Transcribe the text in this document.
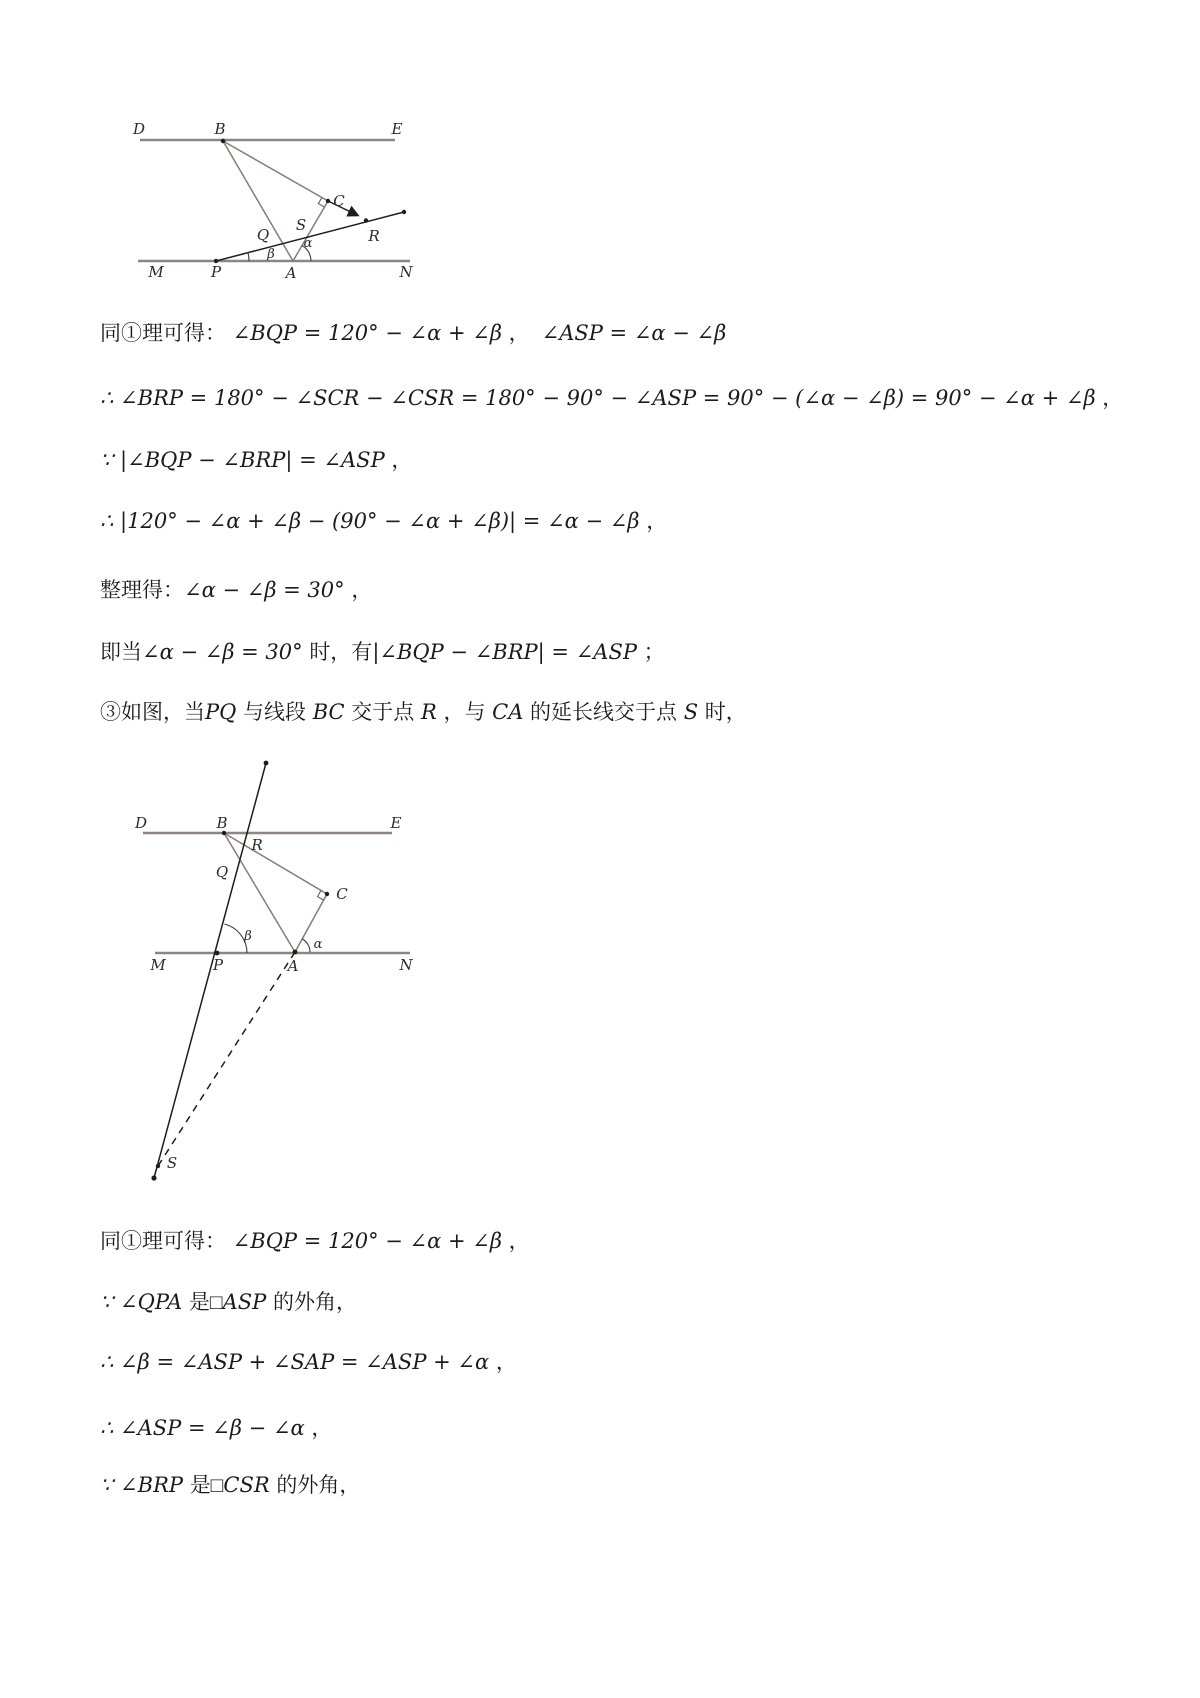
D	B	E
M	P	A	N
Q
S
R
β
α
C
同①理可得： ∠BQP = 120° − ∠α + ∠β ，  ∠ASP = ∠α − ∠β
∴ ∠BRP = 180° − ∠SCR − ∠CSR = 180° − 90° − ∠ASP = 90° − (∠α − ∠β) = 90° − ∠α + ∠β ，
∵ |∠BQP − ∠BRP| = ∠ASP ，
∴ |120° − ∠α + ∠β − (90° − ∠α + ∠β)| = ∠α − ∠β ，
整理得：∠α − ∠β = 30° ，
即当∠α − ∠β = 30° 时，有|∠BQP − ∠BRP| = ∠ASP ；
③如图，当PQ 与线段 BC 交于点 R ，与 CA 的延长线交于点 S 时，
同①理可得： ∠BQP = 120° − ∠α + ∠β ，
∵ ∠QPA 是□ASP 的外角，
∴ ∠β = ∠ASP + ∠SAP = ∠ASP + ∠α ，
∴ ∠ASP = ∠β − ∠α ，
∵ ∠BRP 是□CSR 的外角，
D	B	E
R
Q
C
β
α
M	P	A	N
S
